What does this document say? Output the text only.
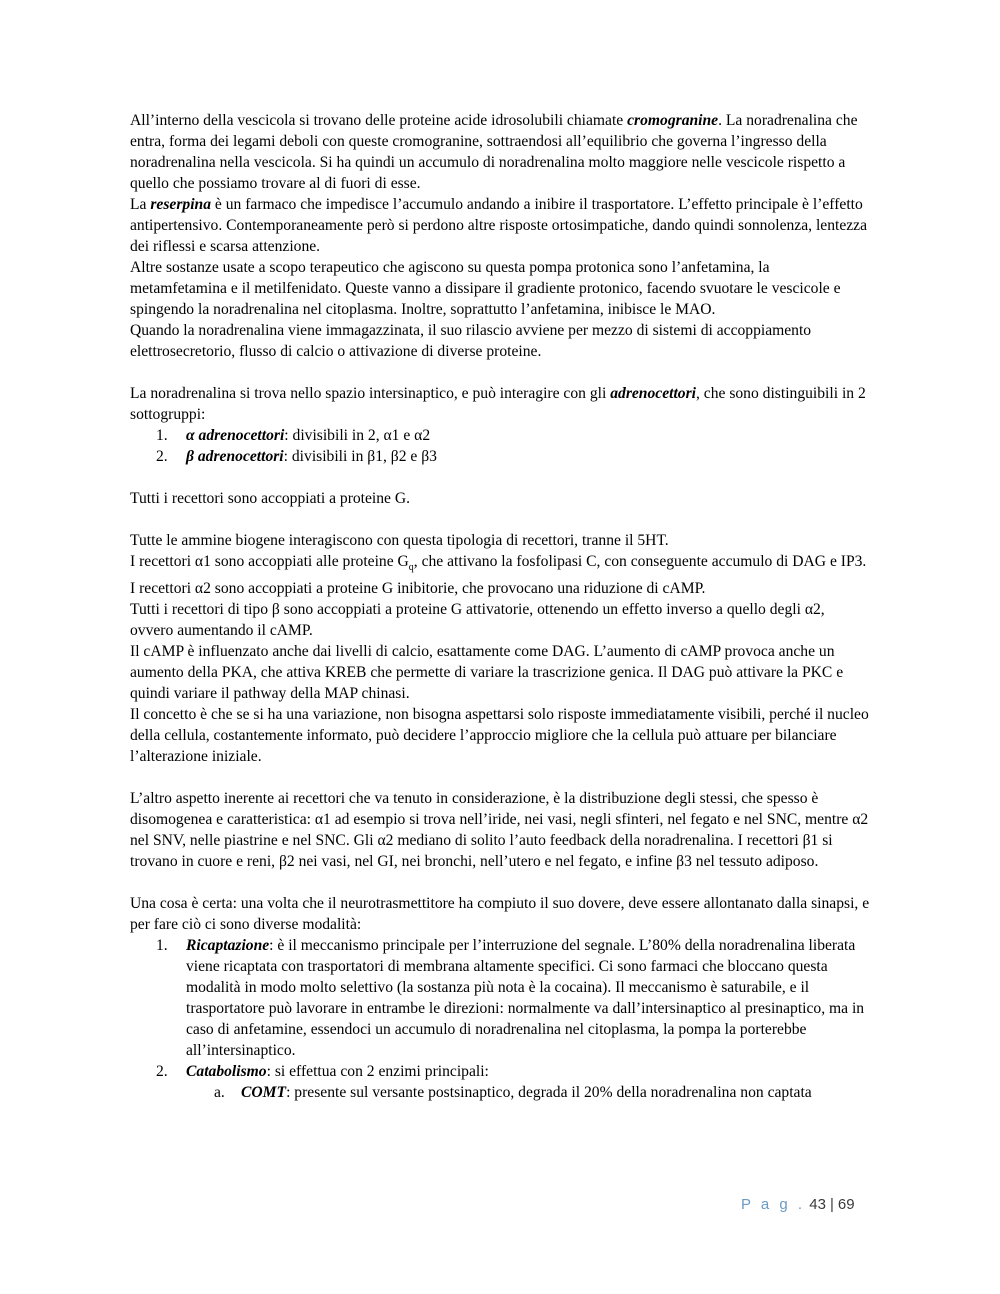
All’interno della vescicola si trovano delle proteine acide idrosolubili chiamate cromogranine. La noradrenalina che entra, forma dei legami deboli con queste cromogranine, sottraendosi all’equilibrio che governa l’ingresso della noradrenalina nella vescicola. Si ha quindi un accumulo di noradrenalina molto maggiore nelle vescicole rispetto a quello che possiamo trovare al di fuori di esse.

La reserpina è un farmaco che impedisce l’accumulo andando a inibire il trasportatore. L’effetto principale è l’effetto antipertensivo. Contemporaneamente però si perdono altre risposte ortosimpatiche, dando quindi sonnolenza, lentezza dei riflessi e scarsa attenzione.

Altre sostanze usate a scopo terapeutico che agiscono su questa pompa protonica sono l’anfetamina, la metamfetamina e il metilfenidato. Queste vanno a dissipare il gradiente protonico, facendo svuotare le vescicole e spingendo la noradrenalina nel citoplasma. Inoltre, soprattutto l’anfetamina, inibisce le MAO.

Quando la noradrenalina viene immagazzinata, il suo rilascio avviene per mezzo di sistemi di accoppiamento elettrosecretorio, flusso di calcio o attivazione di diverse proteine.

La noradrenalina si trova nello spazio intersinaptico, e può interagire con gli adrenocettori, che sono distinguibili in 2 sottogruppi:

1. α adrenocettori: divisibili in 2, α1 e α2
2. β adrenocettori: divisibili in β1, β2 e β3

Tutti i recettori sono accoppiati a proteine G.

Tutte le ammine biogene interagiscono con questa tipologia di recettori, tranne il 5HT.

I recettori α1 sono accoppiati alle proteine $G_q$, che attivano la fosfolipasi C, con conseguente accumulo di DAG e IP3.

I recettori α2 sono accoppiati a proteine G inibitorie, che provocano una riduzione di cAMP.

Tutti i recettori di tipo β sono accoppiati a proteine G attivatorie, ottenendo un effetto inverso a quello degli α2, ovvero aumentando il cAMP.

Il cAMP è influenzato anche dai livelli di calcio, esattamente come DAG. L’aumento di cAMP provoca anche un aumento della PKA, che attiva KREB che permette di variare la trascrizione genica. Il DAG può attivare la PKC e quindi variare il pathway della MAP chinasi.

Il concetto è che se si ha una variazione, non bisogna aspettarsi solo risposte immediatamente visibili, perché il nucleo della cellula, costantemente informato, può decidere l’approccio migliore che la cellula può attuare per bilanciare l’alterazione iniziale.

L’altro aspetto inerente ai recettori che va tenuto in considerazione, è la distribuzione degli stessi, che spesso è disomogenea e caratteristica: α1 ad esempio si trova nell’iride, nei vasi, negli sfinteri, nel fegato e nel SNC, mentre α2 nel SNV, nelle piastrine e nel SNC. Gli α2 mediano di solito l’auto feedback della noradrenalina. I recettori β1 si trovano in cuore e reni, β2 nei vasi, nel GI, nei bronchi, nell’utero e nel fegato, e infine β3 nel tessuto adiposo.

Una cosa è certa: una volta che il neurotrasmettitore ha compiuto il suo dovere, deve essere allontanato dalla sinapsi, e per fare ciò ci sono diverse modalità:

1. Ricaptazione: è il meccanismo principale per l’interruzione del segnale. L’80% della noradrenalina liberata viene ricaptata con trasportatori di membrana altamente specifici. Ci sono farmaci che bloccano questa modalità in modo molto selettivo (la sostanza più nota è la cocaina). Il meccanismo è saturabile, e il trasportatore può lavorare in entrambe le direzioni: normalmente va dall’intersinaptico al presinaptico, ma in caso di anfetamine, essendoci un accumulo di noradrenalina nel citoplasma, la pompa la porterebbe all’intersinaptico.
2. Catabolismo: si effettua con 2 enzimi principali:
a. COMT: presente sul versante postsinaptico, degrada il 20% della noradrenalina non captata
P a g . 43 | 69
